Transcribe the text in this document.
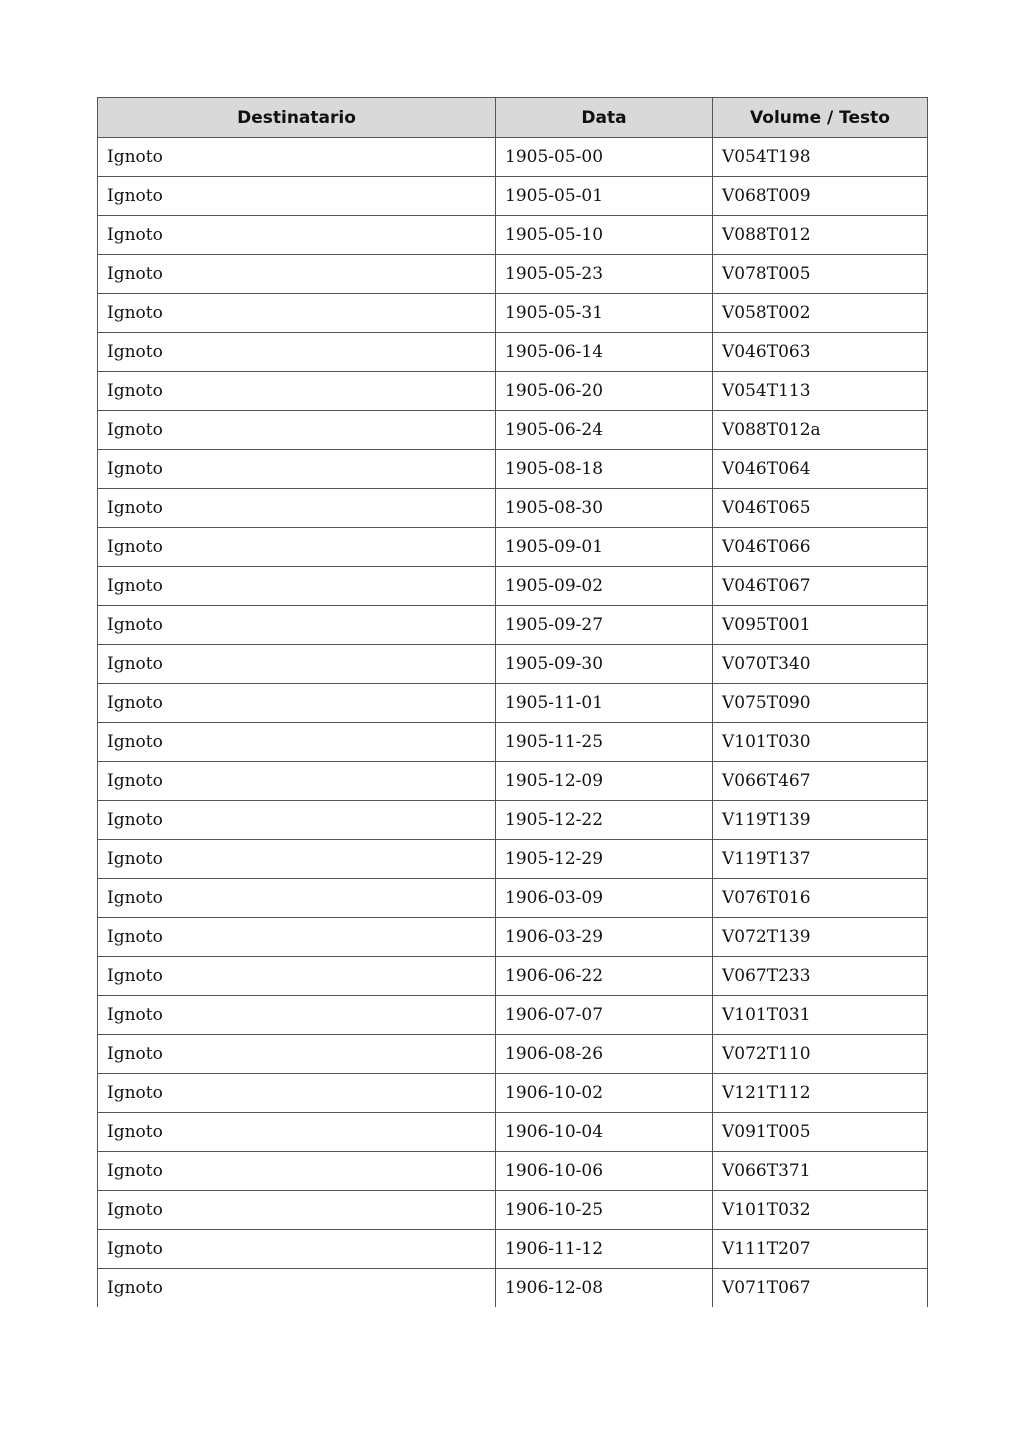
Destinatario	Data	Volume / Testo
Ignoto	1905-05-00	V054T198
Ignoto	1905-05-01	V068T009
Ignoto	1905-05-10	V088T012
Ignoto	1905-05-23	V078T005
Ignoto	1905-05-31	V058T002
Ignoto	1905-06-14	V046T063
Ignoto	1905-06-20	V054T113
Ignoto	1905-06-24	V088T012a
Ignoto	1905-08-18	V046T064
Ignoto	1905-08-30	V046T065
Ignoto	1905-09-01	V046T066
Ignoto	1905-09-02	V046T067
Ignoto	1905-09-27	V095T001
Ignoto	1905-09-30	V070T340
Ignoto	1905-11-01	V075T090
Ignoto	1905-11-25	V101T030
Ignoto	1905-12-09	V066T467
Ignoto	1905-12-22	V119T139
Ignoto	1905-12-29	V119T137
Ignoto	1906-03-09	V076T016
Ignoto	1906-03-29	V072T139
Ignoto	1906-06-22	V067T233
Ignoto	1906-07-07	V101T031
Ignoto	1906-08-26	V072T110
Ignoto	1906-10-02	V121T112
Ignoto	1906-10-04	V091T005
Ignoto	1906-10-06	V066T371
Ignoto	1906-10-25	V101T032
Ignoto	1906-11-12	V111T207
Ignoto	1906-12-08	V071T067
